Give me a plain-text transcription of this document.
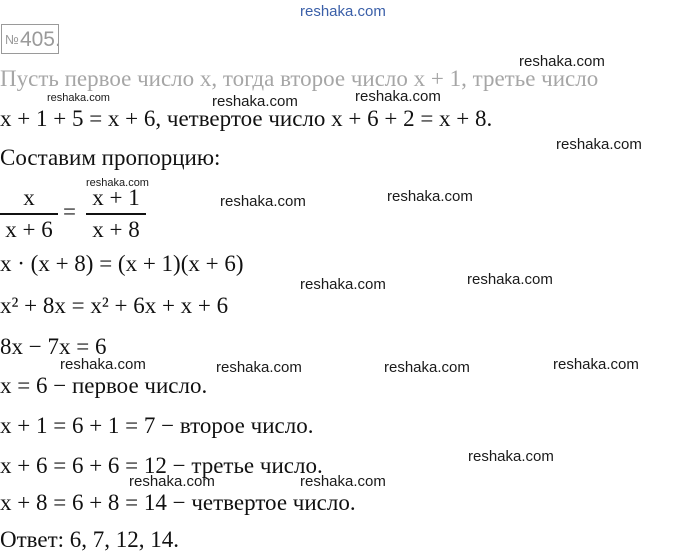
reshaka.com
reshaka.com
reshaka.com	reshaka.com	reshaka.com
reshaka.com
reshaka.com
reshaka.com	reshaka.com
reshaka.com	reshaka.com
reshaka.com	reshaka.com	reshaka.com	reshaka.com
reshaka.com
reshaka.com	reshaka.com
№405.
Пусть первое число x, тогда второе число x + 1, третье число
x + 1 + 5 = x + 6, четвертое число x + 6 + 2 = x + 8.
Составим пропорцию:
x
x + 6
=
x + 1
x + 8
x · (x + 8) = (x + 1)(x + 6)
x² + 8x = x² + 6x + x + 6
8x − 7x = 6
x = 6 − первое число.
x + 1 = 6 + 1 = 7 − второе число.
x + 6 = 6 + 6 = 12 − третье число.
x + 8 = 6 + 8 = 14 − четвертое число.
Ответ: 6, 7, 12, 14.
